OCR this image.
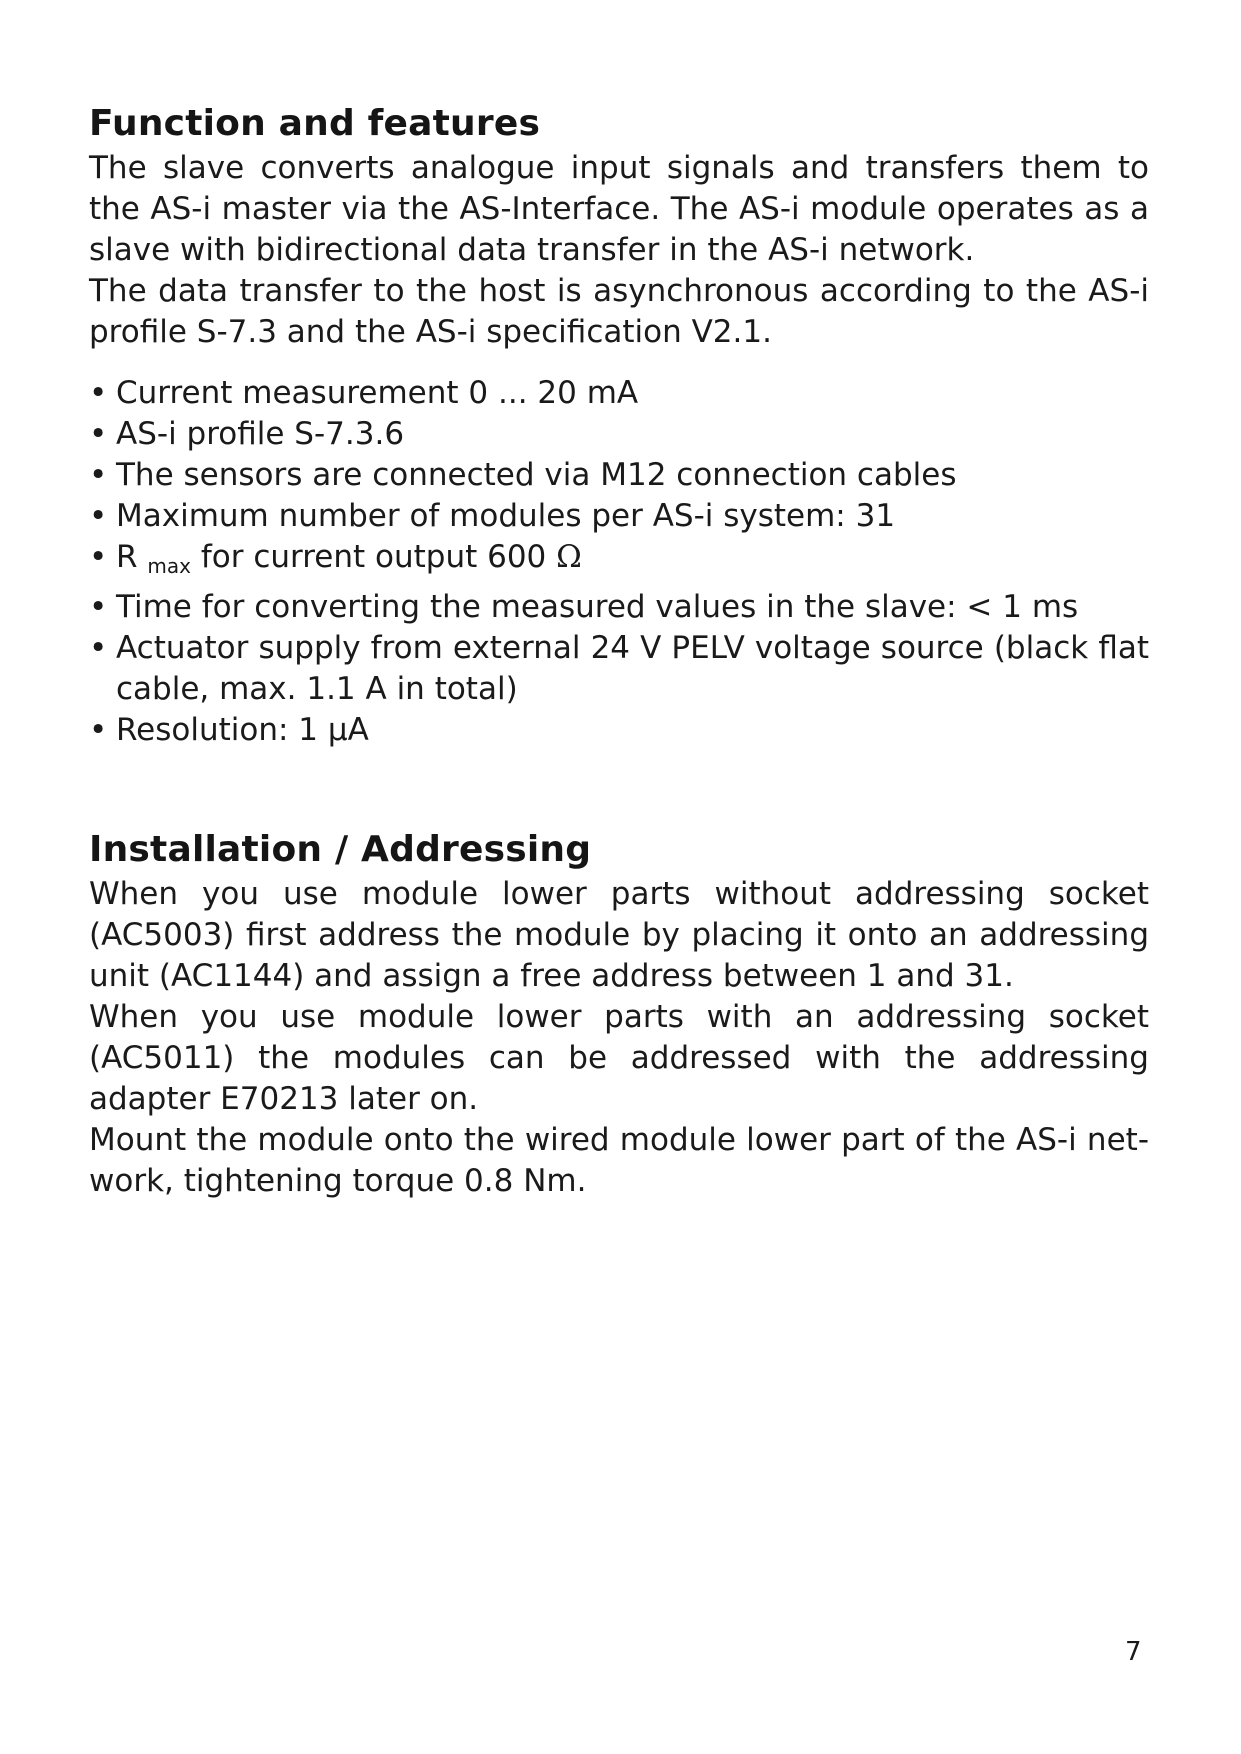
Function and features

The slave converts analogue input signals and transfers them to the AS-i master via the AS-Interface. The AS-i module operates as a slave with bidirectional data transfer in the AS-i network.

The data transfer to the host is asynchronous according to the AS-i profile S-7.3 and the AS-i specification V2.1.

• Current measurement 0 ... 20 mA
• AS-i profile S-7.3.6
• The sensors are connected via M12 connection cables
• Maximum number of modules per AS-i system: 31
• R $_{max}$ for current output 600 Ω
• Time for converting the measured values in the slave: < 1 ms
• Actuator supply from external 24 V PELV voltage source (black flat cable, max. 1.1 A in total)
• Resolution: 1 µA
Installation / Addressing

When you use module lower parts without addressing socket (AC5003) first address the module by placing it onto an addressing unit (AC1144) and assign a free address between 1 and 31.

When you use module lower parts with an addressing socket (AC5011) the modules can be addressed with the addressing adapter E70213 later on.

Mount the module onto the wired module lower part of the AS-i network, tightening torque 0.8 Nm.

7
